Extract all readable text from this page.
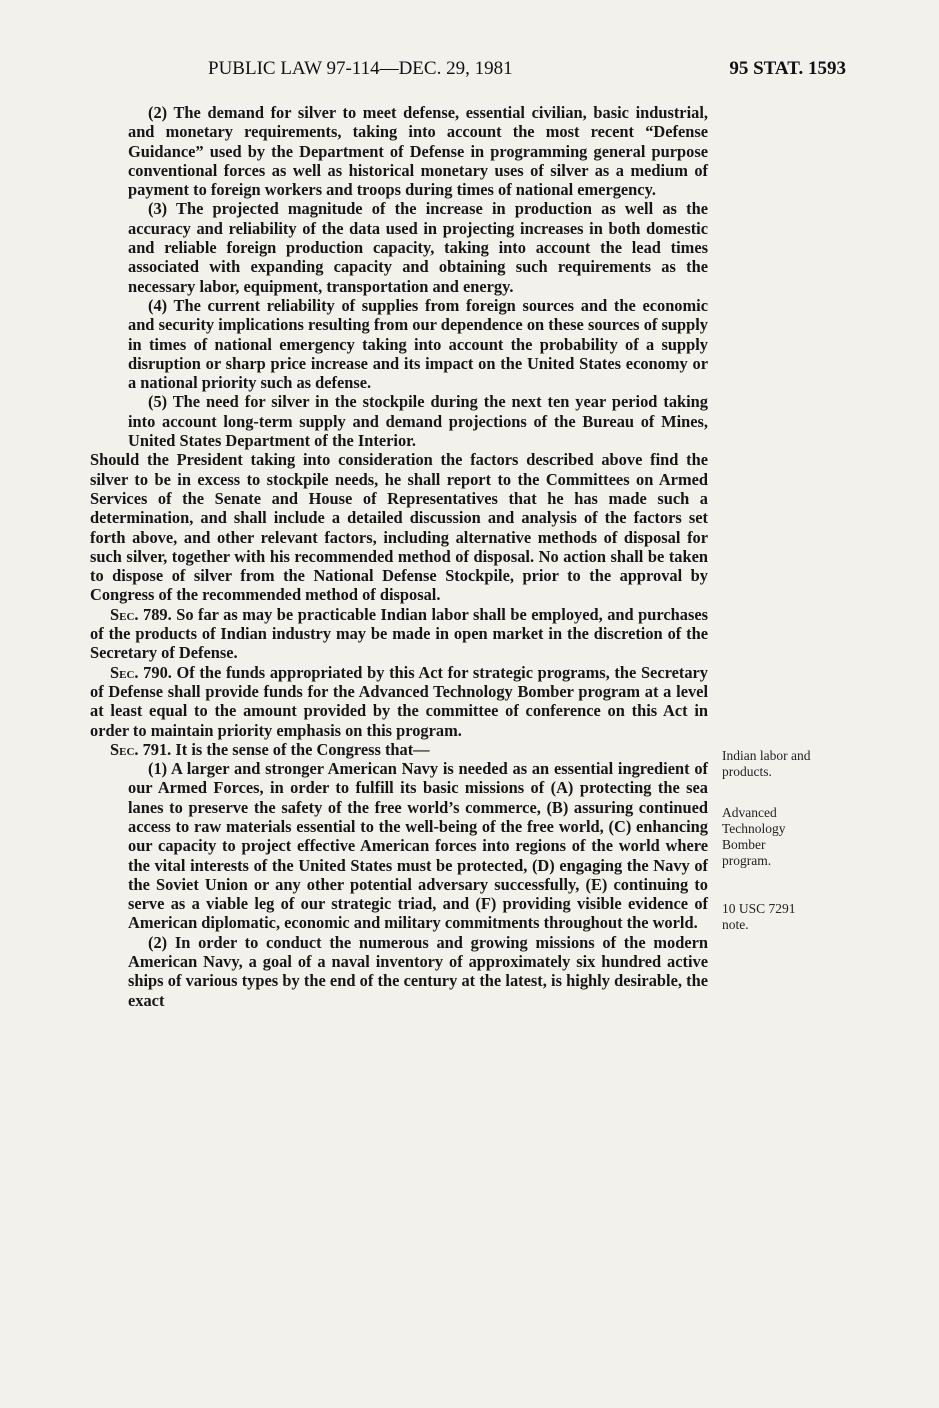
PUBLIC LAW 97-114—DEC. 29, 1981	95 STAT. 1593

(2) The demand for silver to meet defense, essential civilian, basic industrial, and monetary requirements, taking into account the most recent “Defense Guidance” used by the Department of Defense in programming general purpose conventional forces as well as historical monetary uses of silver as a medium of payment to foreign workers and troops during times of national emergency.

(3) The projected magnitude of the increase in production as well as the accuracy and reliability of the data used in projecting increases in both domestic and reliable foreign production capacity, taking into account the lead times associated with expanding capacity and obtaining such requirements as the necessary labor, equipment, transportation and energy.

(4) The current reliability of supplies from foreign sources and the economic and security implications resulting from our dependence on these sources of supply in times of national emergency taking into account the probability of a supply disruption or sharp price increase and its impact on the United States economy or a national priority such as defense.

(5) The need for silver in the stockpile during the next ten year period taking into account long-term supply and demand projections of the Bureau of Mines, United States Department of the Interior.

Should the President taking into consideration the factors described above find the silver to be in excess to stockpile needs, he shall report to the Committees on Armed Services of the Senate and House of Representatives that he has made such a determination, and shall include a detailed discussion and analysis of the factors set forth above, and other relevant factors, including alternative methods of disposal for such silver, together with his recommended method of disposal. No action shall be taken to dispose of silver from the National Defense Stockpile, prior to the approval by Congress of the recommended method of disposal.

Sec. 789. So far as may be practicable Indian labor shall be employed, and purchases of the products of Indian industry may be made in open market in the discretion of the Secretary of Defense.

Sec. 790. Of the funds appropriated by this Act for strategic programs, the Secretary of Defense shall provide funds for the Advanced Technology Bomber program at a level at least equal to the amount provided by the committee of conference on this Act in order to maintain priority emphasis on this program.

Sec. 791. It is the sense of the Congress that—

(1) A larger and stronger American Navy is needed as an essential ingredient of our Armed Forces, in order to fulfill its basic missions of (A) protecting the sea lanes to preserve the safety of the free world’s commerce, (B) assuring continued access to raw materials essential to the well-being of the free world, (C) enhancing our capacity to project effective American forces into regions of the world where the vital interests of the United States must be protected, (D) engaging the Navy of the Soviet Union or any other potential adversary successfully, (E) continuing to serve as a viable leg of our strategic triad, and (F) providing visible evidence of American diplomatic, economic and military commitments throughout the world.

(2) In order to conduct the numerous and growing missions of the modern American Navy, a goal of a naval inventory of approximately six hundred active ships of various types by the end of the century at the latest, is highly desirable, the exact

Indian labor and products.
Advanced Technology Bomber program.
10 USC 7291 note.
